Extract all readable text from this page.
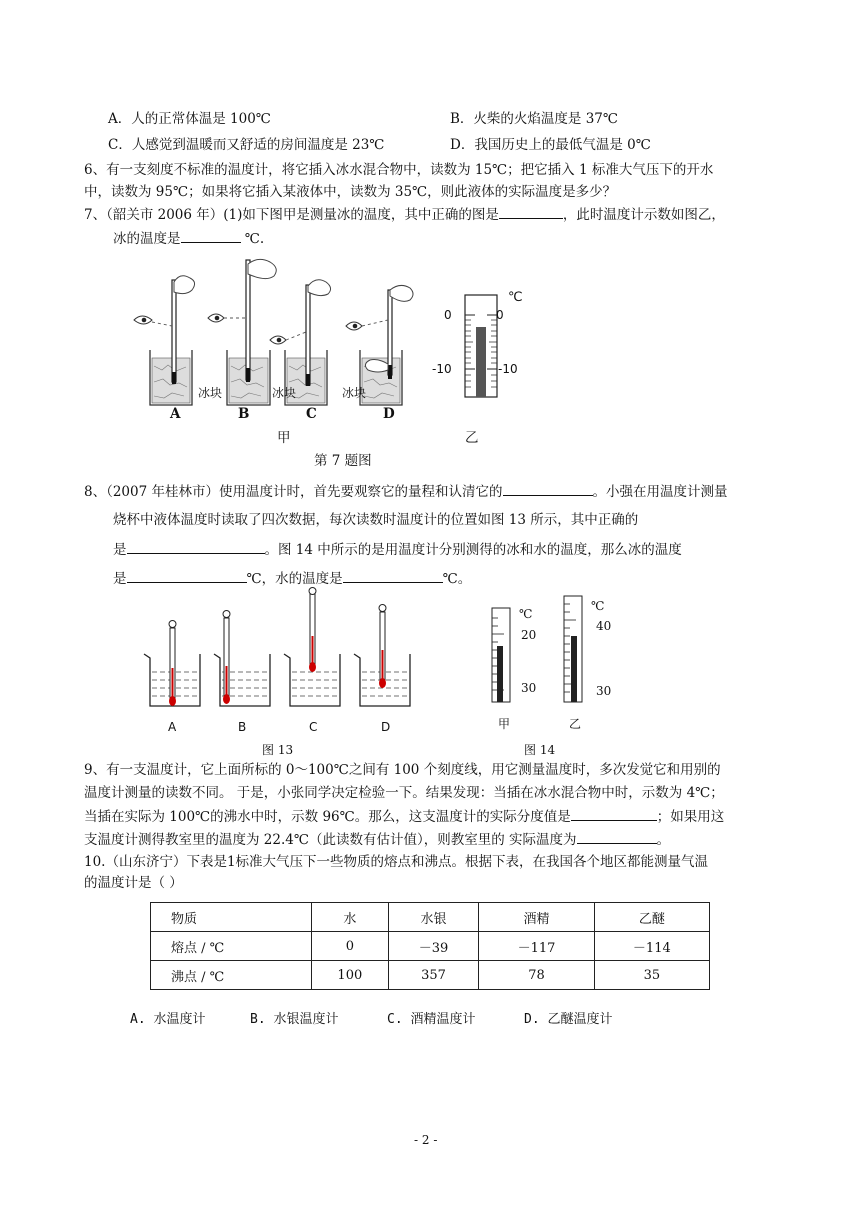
A．人的正常体温是 100℃	B．火柴的火焰温度是 37℃
C．人感觉到温暖而又舒适的房间温度是 23℃	D．我国历史上的最低气温是 0℃
6、有一支刻度不标准的温度计，将它插入冰水混合物中，读数为 15℃；把它插入 1 标准大气压下的开水
中，读数为 95℃；如果将它插入某液体中，读数为 35℃，则此液体的实际温度是多少？
7、（韶关市 2006 年）(1)如下图甲是测量冰的温度，其中正确的图是	，此时温度计示数如图乙，
冰的温度是	℃.
冰块	冰块	冰块
A	B	C	D
甲	乙
第 7 题图
℃
0	0
-10	-10
8、（2007 年桂林市）使用温度计时，首先要观察它的量程和认清它的	。小强在用温度计测量
烧杯中液体温度时读取了四次数据，每次读数时温度计的位置如图 13 所示，其中正确的
是	。图 14 中所示的是用温度计分别测得的冰和水的温度，那么冰的温度
是	℃，水的温度是	℃。
A	B	C	D
图 13
℃
20
30
℃
40
30
甲	乙
图 14
9、有一支温度计，它上面所标的 0～100℃之间有 100 个刻度线，用它测量温度时，多次发觉它和用别的
温度计测量的读数不同。 于是，小张同学决定检验一下。结果发现：当插在冰水混合物中时，示数为 4℃；
当插在实际为 100℃的沸水中时，示数 96℃。那么，这支温度计的实际分度值是	；如果用这
支温度计测得教室里的温度为 22.4℃（此读数有估计值），则教室里的 实际温度为	。
10.（山东济宁）下表是1标准大气压下一些物质的熔点和沸点。根据下表，在我国各个地区都能测量气温
的温度计是（ ）
物质	水	水银	酒精	乙醚
熔点 / ℃	0	－39	－117	－114
沸点 / ℃	100	357	78	35
A. 水温度计	B. 水银温度计	C. 酒精温度计	D. 乙醚温度计
- 2 -
